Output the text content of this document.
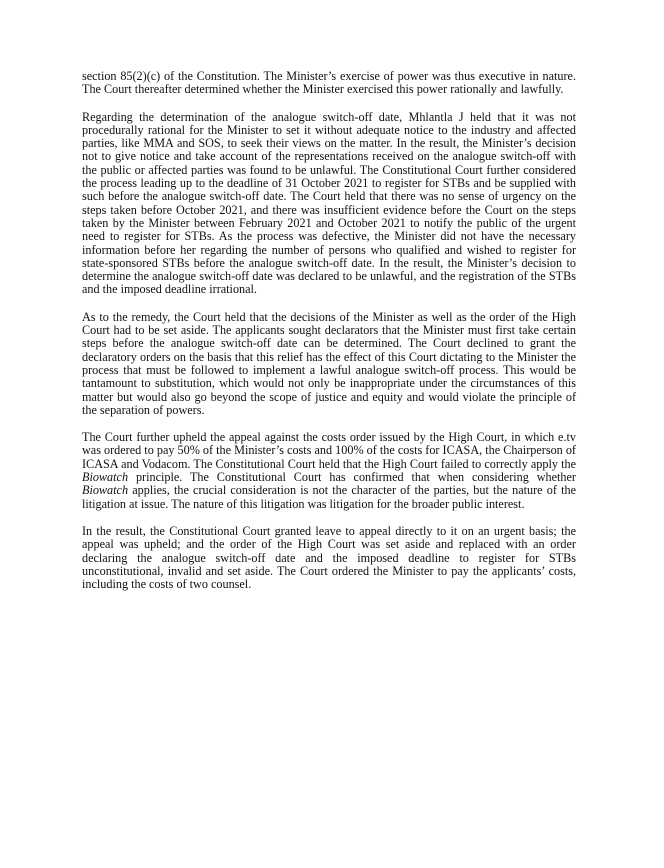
section 85(2)(c) of the Constitution. The Minister’s exercise of power was thus executive in nature. The Court thereafter determined whether the Minister exercised this power rationally and lawfully.

Regarding the determination of the analogue switch-off date, Mhlantla J held that it was not procedurally rational for the Minister to set it without adequate notice to the industry and affected parties, like MMA and SOS, to seek their views on the matter. In the result, the Minister’s decision not to give notice and take account of the representations received on the analogue switch-off with the public or affected parties was found to be unlawful. The Constitutional Court further considered the process leading up to the deadline of 31 October 2021 to register for STBs and be supplied with such before the analogue switch-off date. The Court held that there was no sense of urgency on the steps taken before October 2021, and there was insufficient evidence before the Court on the steps taken by the Minister between February 2021 and October 2021 to notify the public of the urgent need to register for STBs. As the process was defective, the Minister did not have the necessary information before her regarding the number of persons who qualified and wished to register for state-sponsored STBs before the analogue switch-off date. In the result, the Minister’s decision to determine the analogue switch-off date was declared to be unlawful, and the registration of the STBs and the imposed deadline irrational.

As to the remedy, the Court held that the decisions of the Minister as well as the order of the High Court had to be set aside. The applicants sought declarators that the Minister must first take certain steps before the analogue switch-off date can be determined. The Court declined to grant the declaratory orders on the basis that this relief has the effect of this Court dictating to the Minister the process that must be followed to implement a lawful analogue switch-off process. This would be tantamount to substitution, which would not only be inappropriate under the circumstances of this matter but would also go beyond the scope of justice and equity and would violate the principle of the separation of powers.

The Court further upheld the appeal against the costs order issued by the High Court, in which e.tv was ordered to pay 50% of the Minister’s costs and 100% of the costs for ICASA, the Chairperson of ICASA and Vodacom. The Constitutional Court held that the High Court failed to correctly apply the Biowatch principle. The Constitutional Court has confirmed that when considering whether Biowatch applies, the crucial consideration is not the character of the parties, but the nature of the litigation at issue. The nature of this litigation was litigation for the broader public interest.

In the result, the Constitutional Court granted leave to appeal directly to it on an urgent basis; the appeal was upheld; and the order of the High Court was set aside and replaced with an order declaring the analogue switch-off date and the imposed deadline to register for STBs unconstitutional, invalid and set aside. The Court ordered the Minister to pay the applicants’ costs, including the costs of two counsel.
